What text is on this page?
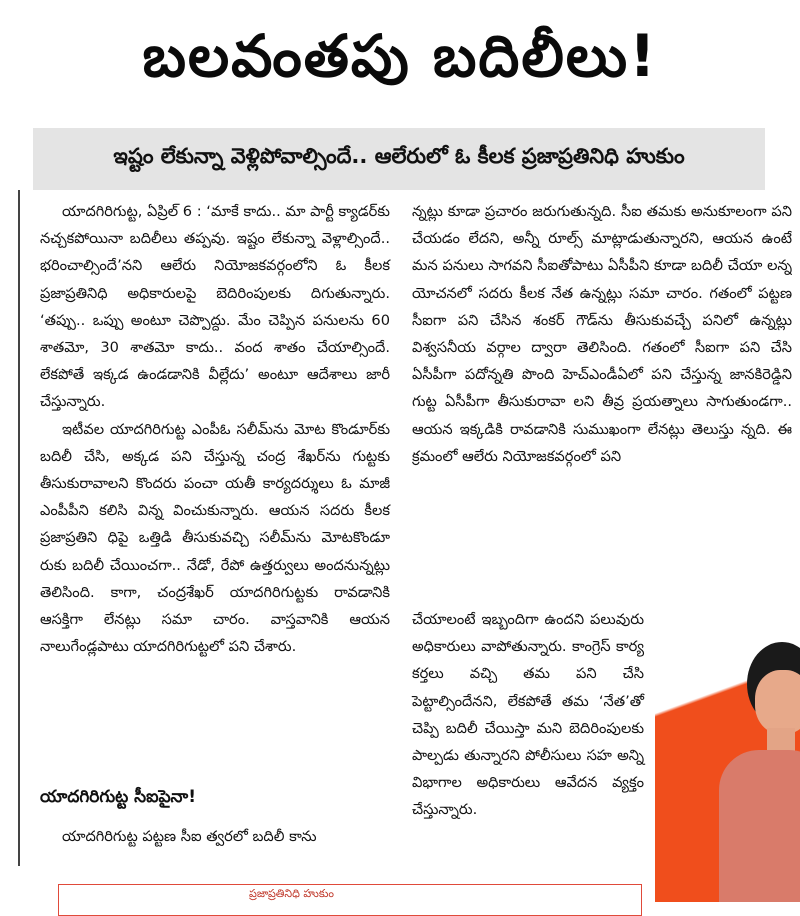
బలవంతపు బదిలీలు!
ఇష్టం లేకున్నా వెళ్లిపోవాల్సిందే.. ఆలేరులో ఓ కీలక ప్రజాప్రతినిధి హుకుం

యాదగిరిగుట్ట, ఏప్రిల్ 6 : ‘మాకే కాదు.. మా పార్టీ క్యాడర్‌కు నచ్చకపోయినా బదిలీలు తప్పవు. ఇష్టం లేకున్నా వెళ్లాల్సిందే.. భరించాల్సిందే’నని ఆలేరు నియోజకవర్గంలోని ఓ కీలక ప్రజాప్రతినిధి అధికారులపై బెదిరింపులకు దిగుతున్నారు. ‘తప్పు.. ఒప్పు అంటూ చెప్పొద్దు. మేం చెప్పిన పనులను 60 శాతమో, 30 శాతమో కాదు.. వంద శాతం చేయాల్సిందే. లేకపోతే ఇక్కడ ఉండడానికి వీల్లేదు’ అంటూ ఆదేశాలు జారీ చేస్తున్నారు.

ఇటీవల యాదగిరిగుట్ట ఎంపీఓ సలీమ్‌ను మోట కొండూర్‌కు బదిలీ చేసి, అక్కడ పని చేస్తున్న చంద్ర శేఖర్‌ను గుట్టకు తీసుకురావాలని కొందరు పంచా యతీ కార్యదర్శులు ఓ మాజీ ఎంపీపీని కలిసి విన్న వించుకున్నారు. ఆయన సదరు కీలక ప్రజాప్రతిని ధిపై ఒత్తిడి తీసుకువచ్చి సలీమ్‌ను మోటకొండూ రుకు బదిలీ చేయించగా.. నేడో, రేపో ఉత్తర్వులు అందనున్నట్లు తెలిసింది. కాగా, చంద్రశేఖర్ యాదగిరిగుట్టకు రావడానికి ఆసక్తిగా లేనట్లు సమా చారం. వాస్తవానికి ఆయన నాలుగేండ్లపాటు యాదగిరిగుట్టలో పని చేశారు.

యాదగిరిగుట్ట సీఐపైనా!

యాదగిరిగుట్ట పట్టణ సీఐ త్వరలో బదిలీ కాను

న్నట్లు కూడా ప్రచారం జరుగుతున్నది. సీఐ తమకు అనుకూలంగా పని చేయడం లేదని, అన్నీ రూల్స్ మాట్లాడుతున్నారని, ఆయన ఉంటే మన పనులు సాగవని సీఐతోపాటు ఏసీపీని కూడా బదిలీ చేయా లన్న యోచనలో సదరు కీలక నేత ఉన్నట్లు సమా చారం. గతంలో పట్టణ సీఐగా పని చేసిన శంకర్ గౌడ్‌ను తీసుకువచ్చే పనిలో ఉన్నట్లు విశ్వసనీయ వర్గాల ద్వారా తెలిసింది. గతంలో సీఐగా పని చేసి ఏసీపీగా పదోన్నతి పొంది హెచ్‌ఎండీఏలో పని చేస్తున్న జానకిరెడ్డిని గుట్ట ఏసీపీగా తీసుకురావా లని తీవ్ర ప్రయత్నాలు సాగుతుండగా.. ఆయన ఇక్కడికి రావడానికి సుముఖంగా లేనట్లు తెలుస్తు న్నది. ఈ క్రమంలో ఆలేరు నియోజకవర్గంలో పని

చేయాలంటే ఇబ్బందిగా ఉందని పలువురు అధికారులు వాపోతున్నారు. కాంగ్రెస్ కార్య కర్తలు వచ్చి తమ పని చేసి పెట్టాల్సిందేనని, లేకపోతే తమ ‘నేత’తో చెప్పి బదిలీ చేయిస్తా మని బెదిరింపులకు పాల్పడు తున్నారని పోలీసులు సహ అన్ని విభాగాల అధికారులు ఆవేదన వ్యక్తం చేస్తున్నారు.

ప్రజాప్రతినిధి హుకుం
